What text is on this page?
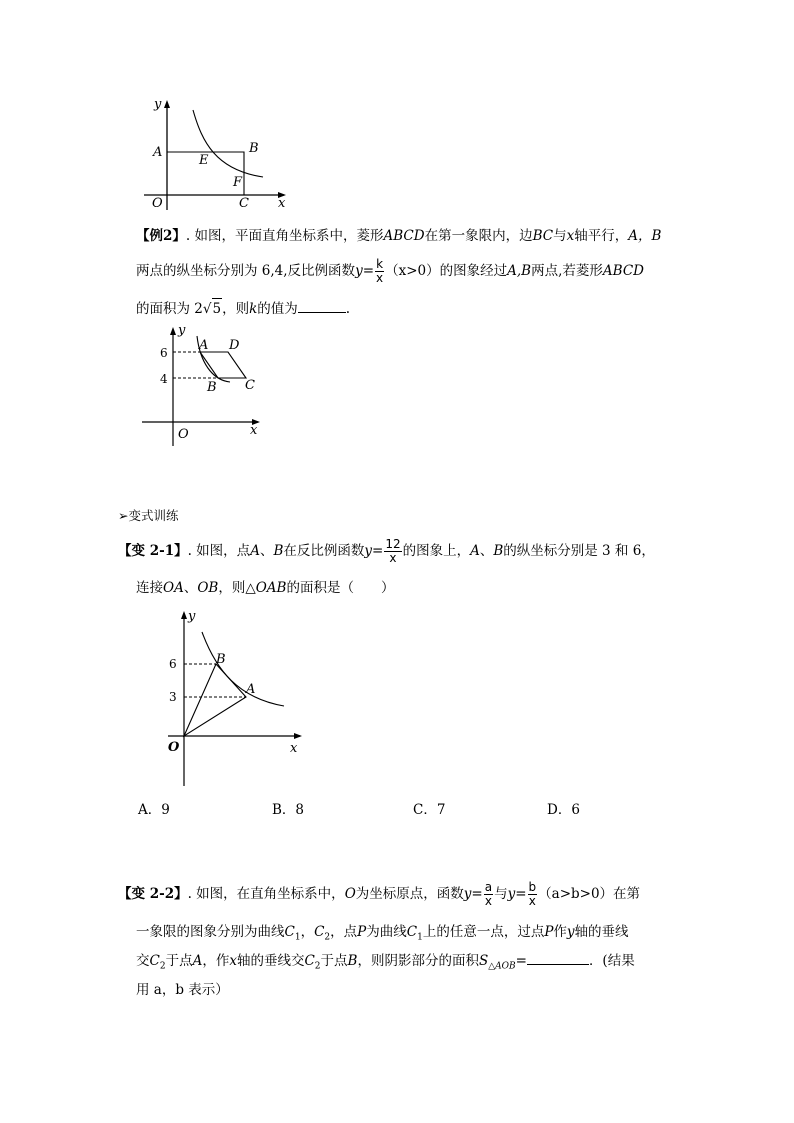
y
x
O
A	B
C
E
F
【例2】. 如图，平面直角坐标系中，菱形ABCD在第一象限内，边BC与x轴平行，A，B
两点的纵坐标分别为 6,4,反比例函数$y= \frac{k}{x} (x>0)$的图象经过A,B两点,若菱形ABCD
的面积为 2√5，则k的值为	.
y
x
O
6
4
A D
B C
➢变式训练
【变 2-1】. 如图，点A、B在反比例函数$y= \frac{12}{x}$ 的图象上，A、B的纵坐标分别是 3 和 6，
连接OA、OB，则△OAB的面积是（　　）
y
x
O
6
3
B
A
A．9	B．8	C．7	D．6
【变 2-2】. 如图，在直角坐标系中，O为坐标原点，函数$y= \frac{a}{x}$ 与$y= \frac{b}{x} (a>b>0)$在第
一象限的图象分别为曲线$C_1$，$C_2$，点P为曲线$C_1$上的任意一点，过点P作y轴的垂线
交$C_2$于点A，作x轴的垂线交$C_2$于点B，则阴影部分的面积$S_{\triangle AOB}=$	．(结果
用 a，b 表示）
